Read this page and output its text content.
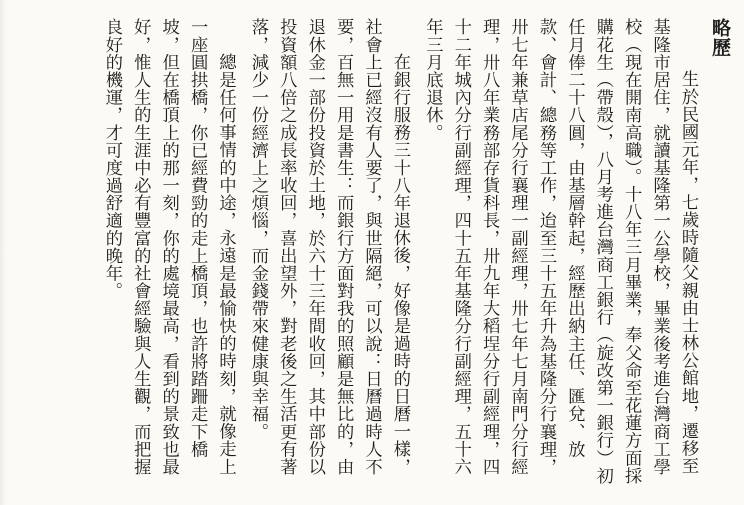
略歷

生於民國元年，七歲時隨父親由士林公館地，遷移至基隆市居住，就讀基隆第一公學校，畢業後考進台灣商工學校（現在開南高職）。十八年三月畢業，奉父命至花蓮方面採購花生（帶殼），八月考進台灣商工銀行（旋改第一銀行）初任月俸二十八圓，由基層幹起，經歷出納主任、匯兌、放款、會計、總務等工作，迨至三十五年升為基隆分行襄理，卅七年兼草店尾分行襄理一副經理，卅七年七月南門分行經理，卅八年業務部存貨科長，卅九年大稻埕分行副經理，四十二年城內分行副經理，四十五年基隆分行副經理，五十六年三月底退休。

在銀行服務三十八年退休後，好像是過時的日曆一樣，社會上已經沒有人要了，與世隔絕，可以說：日曆過時人不要，百無一用是書生：而銀行方面對我的照顧是無比的，由退休金一部份投資於土地，於六十三年間收回，其中部份以投資額八倍之成長率收回，喜出望外，對老後之生活更有著落，減少一份經濟上之煩惱，而金錢帶來健康與幸福。

總是任何事情的中途，永遠是最愉快的時刻，就像走上一座圓拱橋，你已經費勁的走上橋頂，也許將踏跚走下橋坡，但在橋頂上的那一刻，你的處境最高，看到的景致也最好，惟人生的生涯中必有豐富的社會經驗與人生觀，而把握良好的機運，才可度過舒適的晚年。
